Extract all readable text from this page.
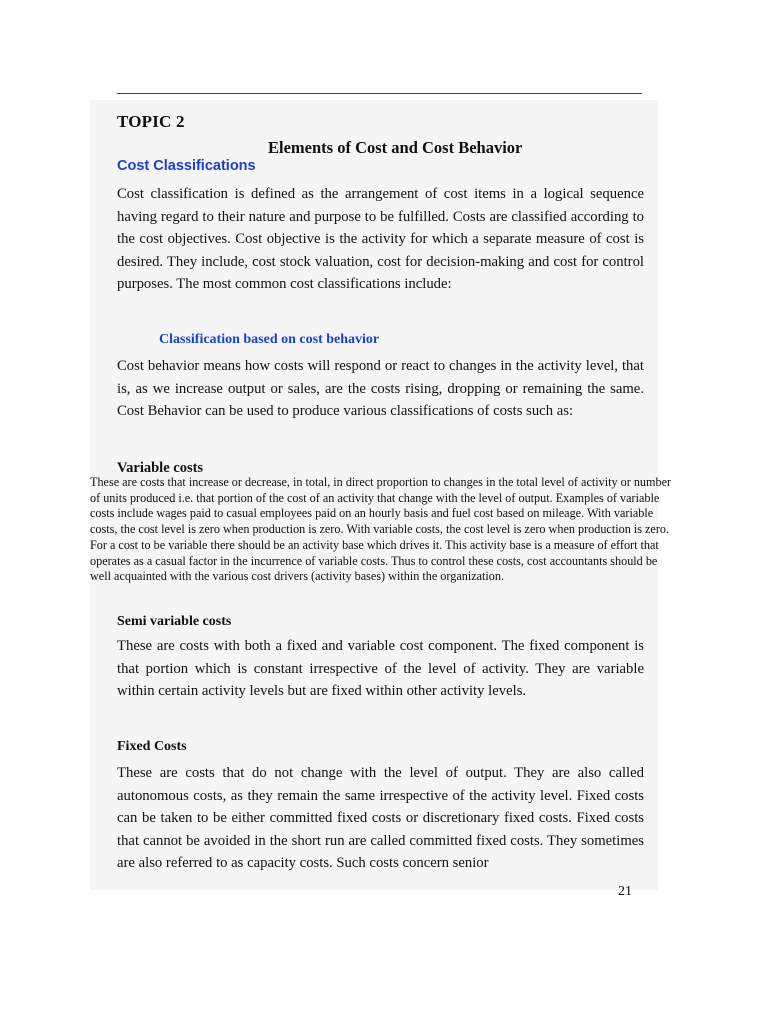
TOPIC 2
Elements of Cost and Cost Behavior
Cost Classifications
Cost classification is defined as the arrangement of cost items in a logical sequence having regard to their nature and purpose to be fulfilled. Costs are classified according to the cost objectives. Cost objective is the activity for which a separate measure of cost is desired. They include, cost stock valuation, cost for decision-making and cost for control purposes. The most common cost classifications include:
Classification based on cost behavior
Cost behavior means how costs will respond or react to changes in the activity level, that is, as we increase output or sales, are the costs rising, dropping or remaining the same. Cost Behavior can be used to produce various classifications of costs such as:
Variable costs
These are costs that increase or decrease, in total, in direct proportion to changes in the total level of activity or number of units produced i.e. that portion of the cost of an activity that change with the level of output. Examples of variable costs include wages paid to casual employees paid on an hourly basis and fuel cost based on mileage. With variable costs, the cost level is zero when production is zero. With variable costs, the cost level is zero when production is zero. For a cost to be variable there should be an activity base which drives it. This activity base is a measure of effort that operates as a casual factor in the incurrence of variable costs. Thus to control these costs, cost accountants should be well acquainted with the various cost drivers (activity bases) within the organization.
Semi variable costs
These are costs with both a fixed and variable cost component. The fixed component is that portion which is constant irrespective of the level of activity. They are variable within certain activity levels but are fixed within other activity levels.
Fixed Costs
These are costs that do not change with the level of output. They are also called autonomous costs, as they remain the same irrespective of the activity level. Fixed costs can be taken to be either committed fixed costs or discretionary fixed costs. Fixed costs that cannot be avoided in the short run are called committed fixed costs. They sometimes are also referred to as capacity costs. Such costs concern senior
21
